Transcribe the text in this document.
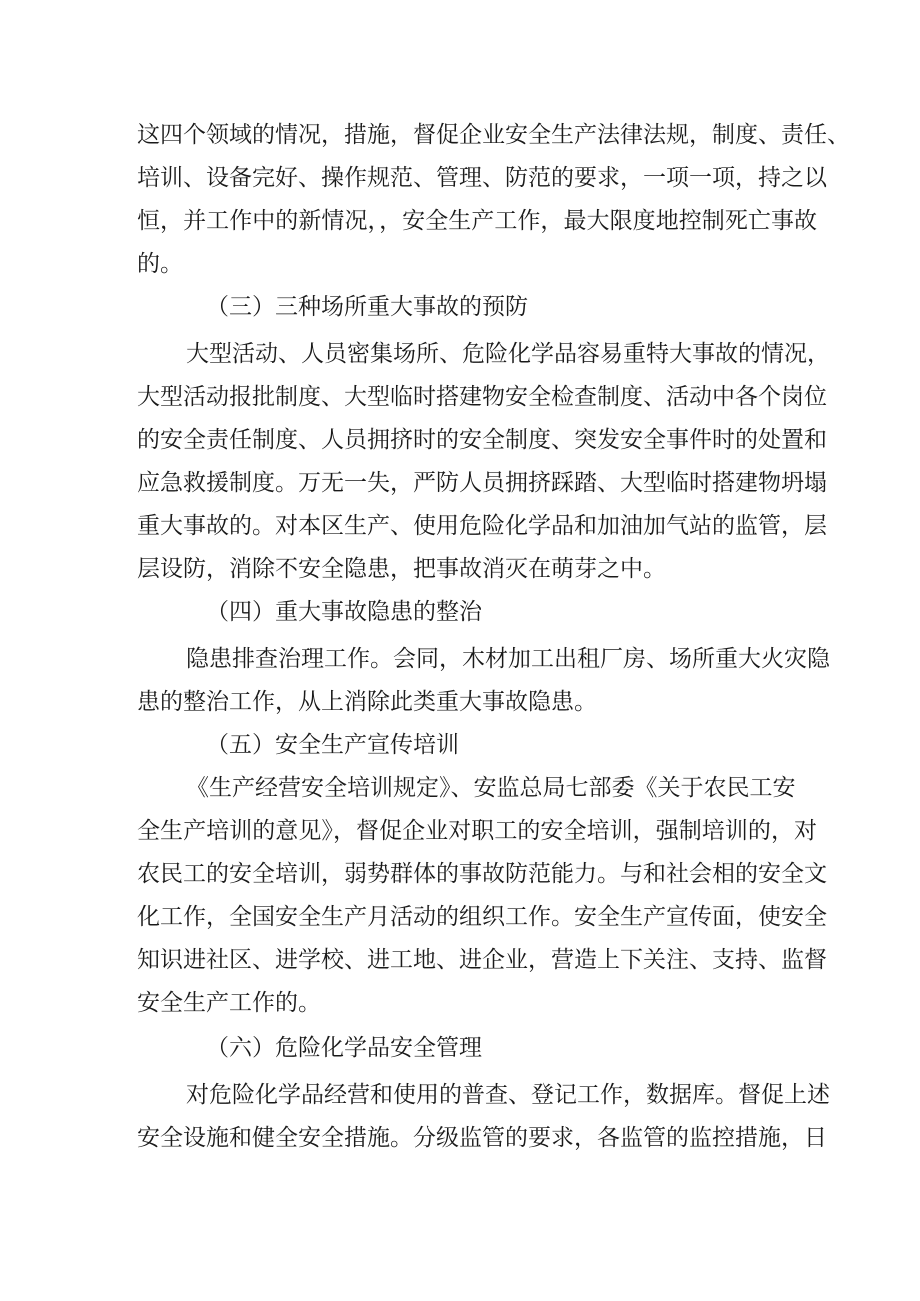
这四个领域的情况，措施，督促企业安全生产法律法规，制度、责任、
培训、设备完好、操作规范、管理、防范的要求，一项一项，持之以
恒，并工作中的新情况，，安全生产工作，最大限度地控制死亡事故
的。
（三）三种场所重大事故的预防
大型活动、人员密集场所、危险化学品容易重特大事故的情况，
大型活动报批制度、大型临时搭建物安全检查制度、活动中各个岗位
的安全责任制度、人员拥挤时的安全制度、突发安全事件时的处置和
应急救援制度。万无一失，严防人员拥挤踩踏、大型临时搭建物坍塌
重大事故的。对本区生产、使用危险化学品和加油加气站的监管，层
层设防，消除不安全隐患，把事故消灭在萌芽之中。
（四）重大事故隐患的整治
隐患排查治理工作。会同，木材加工出租厂房、场所重大火灾隐
患的整治工作，从上消除此类重大事故隐患。
（五）安全生产宣传培训
《生产经营安全培训规定》、安监总局七部委《关于农民工安
全生产培训的意见》，督促企业对职工的安全培训，强制培训的，对
农民工的安全培训，弱势群体的事故防范能力。与和社会相的安全文
化工作，全国安全生产月活动的组织工作。安全生产宣传面，使安全
知识进社区、进学校、进工地、进企业，营造上下关注、支持、监督
安全生产工作的。
（六）危险化学品安全管理
对危险化学品经营和使用的普查、登记工作，数据库。督促上述
安全设施和健全安全措施。分级监管的要求，各监管的监控措施，日
